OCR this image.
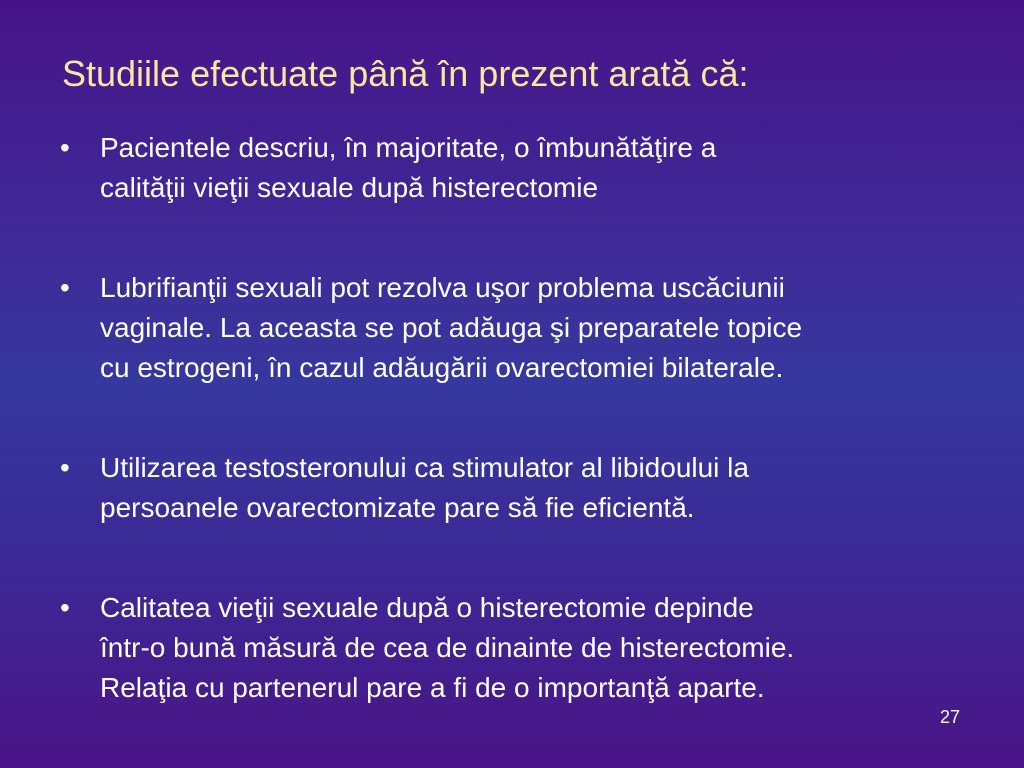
Studiile efectuate până în prezent arată că:
• Pacientele descriu, în majoritate, o îmbunătăţire a
calităţii vieţii sexuale după histerectomie
• Lubrifianţii sexuali pot rezolva uşor problema uscăciunii
vaginale. La aceasta se pot adăuga şi preparatele topice
cu estrogeni, în cazul adăugării ovarectomiei bilaterale.
• Utilizarea testosteronului ca stimulator al libidoului la
persoanele ovarectomizate pare să fie eficientă.
• Calitatea vieţii sexuale după o histerectomie depinde
într-o bună măsură de cea de dinainte de histerectomie.
Relaţia cu partenerul pare a fi de o importanţă aparte.
27
